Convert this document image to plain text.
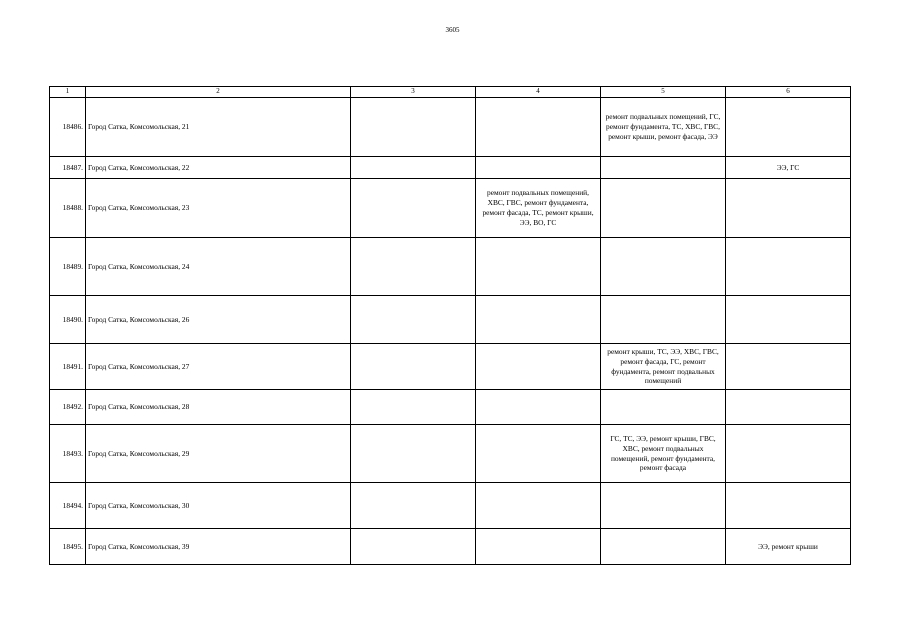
3605
1	2	3	4	5	6
18486.	Город Сатка, Комсомольская, 21			ремонт подвальных помещений, ГС, ремонт фундамента, ТС, ХВС, ГВС, ремонт крыши, ремонт фасада, ЭЭ	
18487.	Город Сатка, Комсомольская, 22				ЭЭ, ГС
18488.	Город Сатка, Комсомольская, 23		ремонт подвальных помещений, ХВС, ГВС, ремонт фундамента, ремонт фасада, ТС, ремонт крыши, ЭЭ, ВО, ГС		
18489.	Город Сатка, Комсомольская, 24				
18490.	Город Сатка, Комсомольская, 26				
18491.	Город Сатка, Комсомольская, 27			ремонт крыши, ТС, ЭЭ, ХВС, ГВС, ремонт фасада, ГС, ремонт фундамента, ремонт подвальных помещений	
18492.	Город Сатка, Комсомольская, 28				
18493.	Город Сатка, Комсомольская, 29			ГС, ТС, ЭЭ, ремонт крыши, ГВС, ХВС, ремонт подвальных помещений, ремонт фундамента, ремонт фасада	
18494.	Город Сатка, Комсомольская, 30				
18495.	Город Сатка, Комсомольская, 39				ЭЭ, ремонт крыши
